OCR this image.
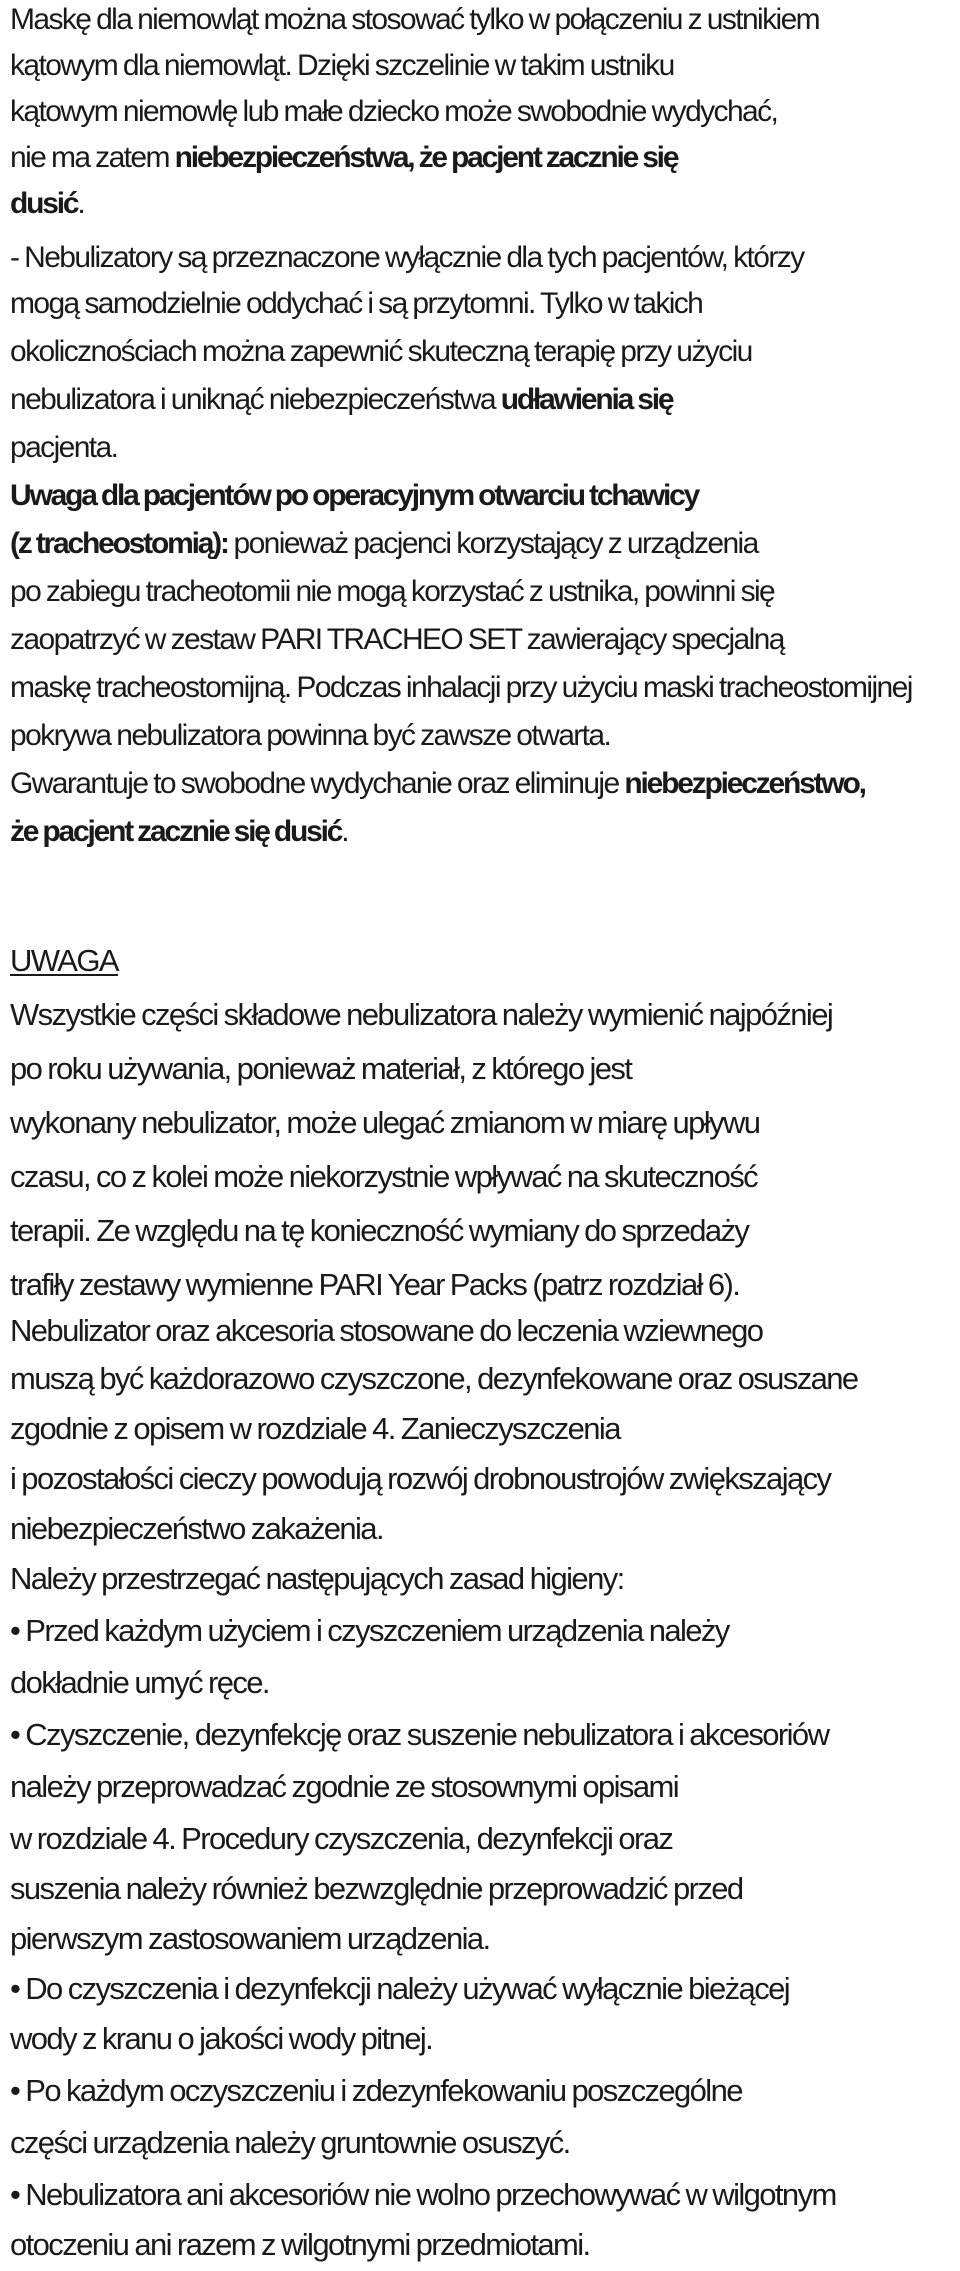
Maskę dla niemowląt można stosować tylko w połączeniu z ustnikiem

kątowym dla niemowląt. Dzięki szczelinie w takim ustniku

kątowym niemowlę lub małe dziecko może swobodnie wydychać,

nie ma zatem niebezpieczeństwa, że pacjent zacznie się

dusić.

- Nebulizatory są przeznaczone wyłącznie dla tych pacjentów, którzy

mogą samodzielnie oddychać i są przytomni. Tylko w takich

okolicznościach można zapewnić skuteczną terapię przy użyciu

nebulizatora i uniknąć niebezpieczeństwa udławienia się

pacjenta.

Uwaga dla pacjentów po operacyjnym otwarciu tchawicy

(z tracheostomią): ponieważ pacjenci korzystający z urządzenia

po zabiegu tracheotomii nie mogą korzystać z ustnika, powinni się

zaopatrzyć w zestaw PARI TRACHEO SET zawierający specjalną

maskę tracheostomijną. Podczas inhalacji przy użyciu maski tracheostomijnej

pokrywa nebulizatora powinna być zawsze otwarta.

Gwarantuje to swobodne wydychanie oraz eliminuje niebezpieczeństwo,

że pacjent zacznie się dusić.

UWAGA

Wszystkie części składowe nebulizatora należy wymienić najpóźniej

po roku używania, ponieważ materiał, z którego jest

wykonany nebulizator, może ulegać zmianom w miarę upływu

czasu, co z kolei może niekorzystnie wpływać na skuteczność

terapii. Ze względu na tę konieczność wymiany do sprzedaży

trafiły zestawy wymienne PARI Year Packs (patrz rozdział 6).

Nebulizator oraz akcesoria stosowane do leczenia wziewnego

muszą być każdorazowo czyszczone, dezynfekowane oraz osuszane

zgodnie z opisem w rozdziale 4. Zanieczyszczenia

i pozostałości cieczy powodują rozwój drobnoustrojów zwiększający

niebezpieczeństwo zakażenia.

Należy przestrzegać następujących zasad higieny:

• Przed każdym użyciem i czyszczeniem urządzenia należy

dokładnie umyć ręce.

• Czyszczenie, dezynfekcję oraz suszenie nebulizatora i akcesoriów

należy przeprowadzać zgodnie ze stosownymi opisami

w rozdziale 4. Procedury czyszczenia, dezynfekcji oraz

suszenia należy również bezwzględnie przeprowadzić przed

pierwszym zastosowaniem urządzenia.

• Do czyszczenia i dezynfekcji należy używać wyłącznie bieżącej

wody z kranu o jakości wody pitnej.

• Po każdym oczyszczeniu i zdezynfekowaniu poszczególne

części urządzenia należy gruntownie osuszyć.

• Nebulizatora ani akcesoriów nie wolno przechowywać w wilgotnym

otoczeniu ani razem z wilgotnymi przedmiotami.
